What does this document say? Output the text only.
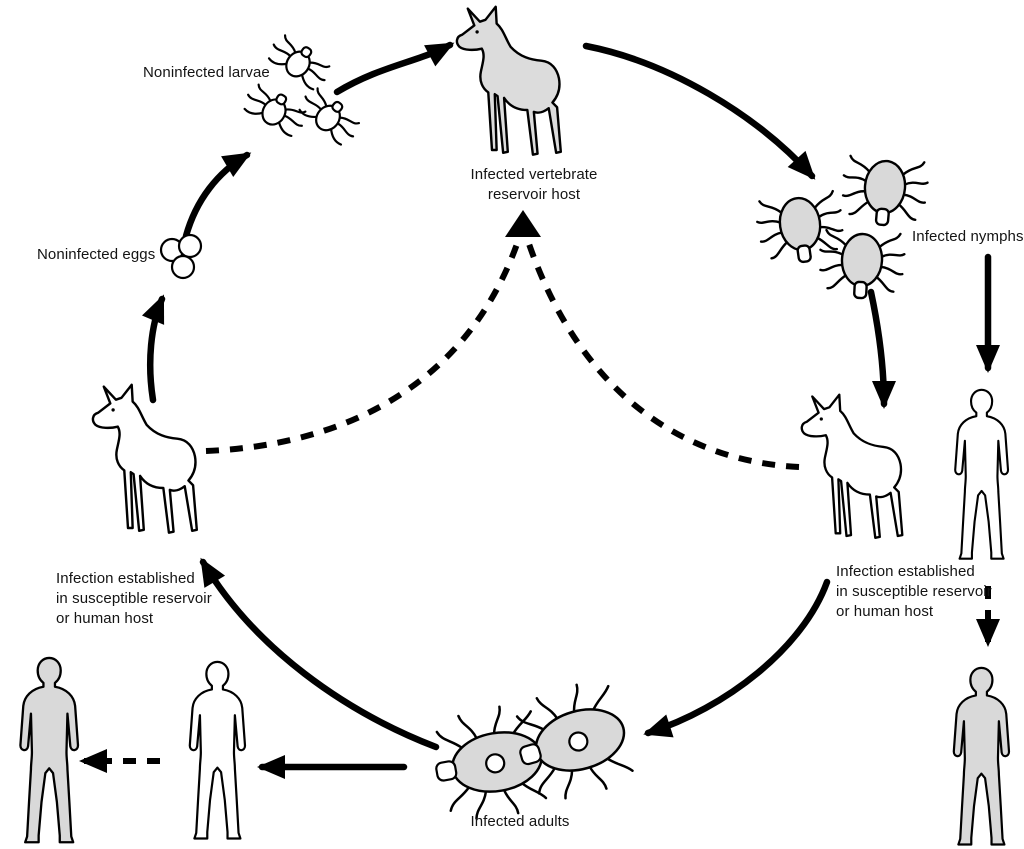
Noninfected larvae
Noninfected eggs
Infected vertebrate
reservoir host
Infected nymphs
Infection established
in susceptible reservoir
or human host
Infection established
in susceptible reservoir
or human host
Infected adults
